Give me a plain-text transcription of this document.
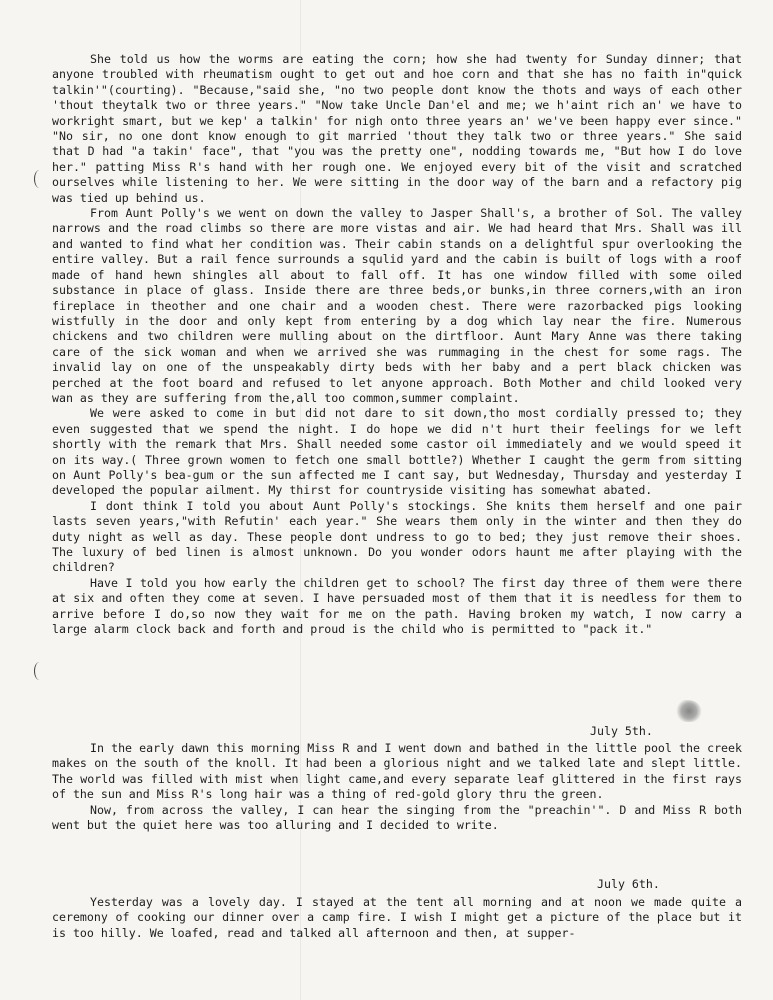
She told us how the worms are eating the corn; how she had twenty for Sunday dinner; that anyone troubled with rheumatism ought to get out and hoe corn and that she has no faith in"quick talkin'"(courting). "Because,"said she, "no two people dont know the thots and ways of each other 'thout theytalk two or three years." "Now take Uncle Dan'el and me; we h'aint rich an' we have to workright smart, but we kep' a talkin' for nigh onto three years an' we've been happy ever since." "No sir, no one dont know enough to git married 'thout they talk two or three years." She said that D had "a takin' face", that "you was the pretty one", nodding towards me, "But how I do love her." patting Miss R's hand with her rough one. We enjoyed every bit of the visit and scratched ourselves while listening to her. We were sitting in the door way of the barn and a refactory pig was tied up behind us.

From Aunt Polly's we went on down the valley to Jasper Shall's, a brother of Sol. The valley narrows and the road climbs so there are more vistas and air. We had heard that Mrs. Shall was ill and wanted to find what her condition was. Their cabin stands on a delightful spur overlooking the entire valley. But a rail fence surrounds a squlid yard and the cabin is built of logs with a roof made of hand hewn shingles all about to fall off. It has one window filled with some oiled substance in place of glass. Inside there are three beds,or bunks,in three corners,with an iron fireplace in theother and one chair and a wooden chest. There were razorbacked pigs looking wistfully in the door and only kept from entering by a dog which lay near the fire. Numerous chickens and two children were mulling about on the dirtfloor. Aunt Mary Anne was there taking care of the sick woman and when we arrived she was rummaging in the chest for some rags. The invalid lay on one of the unspeakably dirty beds with her baby and a pert black chicken was perched at the foot board and refused to let anyone approach. Both Mother and child looked very wan as they are suffering from the,all too common,summer complaint.

We were asked to come in but did not dare to sit down,tho most cordially pressed to; they even suggested that we spend the night. I do hope we did n't hurt their feelings for we left shortly with the remark that Mrs. Shall needed some castor oil immediately and we would speed it on its way.( Three grown women to fetch one small bottle?) Whether I caught the germ from sitting on Aunt Polly's bea-gum or the sun affected me I cant say, but Wednesday, Thursday and yesterday I developed the popular ailment. My thirst for countryside visiting has somewhat abated.

I dont think I told you about Aunt Polly's stockings. She knits them herself and one pair lasts seven years,"with Refutin' each year." She wears them only in the winter and then they do duty night as well as day. These people dont undress to go to bed; they just remove their shoes. The luxury of bed linen is almost unknown. Do you wonder odors haunt me after playing with the children?

Have I told you how early the children get to school? The first day three of them were there at six and often they come at seven. I have persuaded most of them that it is needless for them to arrive before I do,so now they wait for me on the path. Having broken my watch, I now carry a large alarm clock back and forth and proud is the child who is permitted to "pack it."

July 5th.

In the early dawn this morning Miss R and I went down and bathed in the little pool the creek makes on the south of the knoll. It had been a glorious night and we talked late and slept little. The world was filled with mist when light came,and every separate leaf glittered in the first rays of the sun and Miss R's long hair was a thing of red-gold glory thru the green.

Now, from across the valley, I can hear the singing from the "preachin'". D and Miss R both went but the quiet here was too alluring and I decided to write.

July 6th.

Yesterday was a lovely day. I stayed at the tent all morning and at noon we made quite a ceremony of cooking our dinner over a camp fire. I wish I might get a picture of the place but it is too hilly. We loafed, read and talked all afternoon and then, at supper-
